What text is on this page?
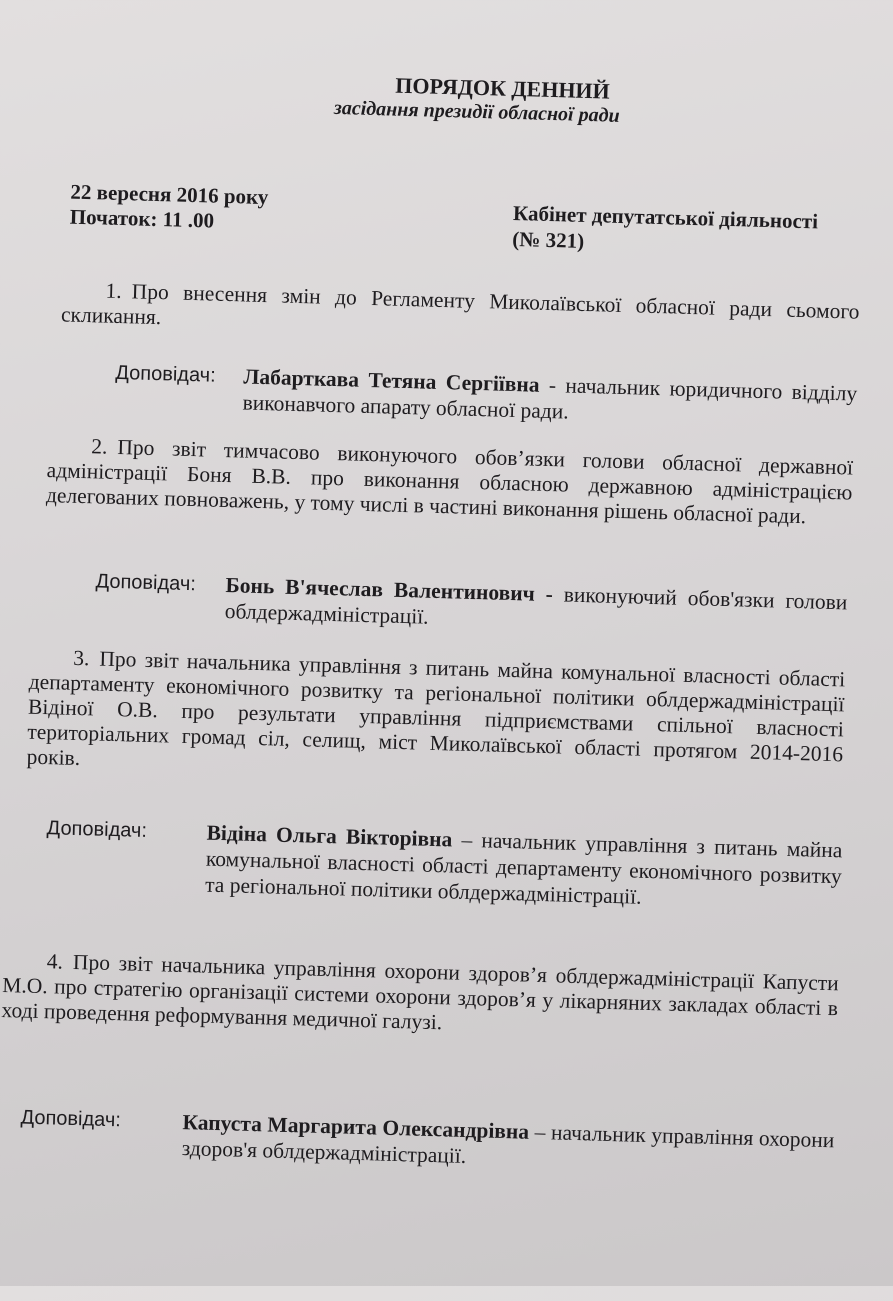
ПОРЯДОК ДЕННИЙ
засідання президії обласної ради
22 вересня 2016 року
Початок: 11 .00	Кабінет депутатської діяльності
(№ 321)
1. Про внесення змін до Регламенту Миколаївської обласної ради сьомого скликання.
Доповідач:	Лабарткава Тетяна Сергіївна - начальник юридичного відділу виконавчого апарату обласної ради.
2. Про звіт тимчасово виконуючого обов’язки голови обласної державної адміністрації Боня В.В. про виконання обласною державною адміністрацією делегованих повноважень, у тому числі в частині виконання рішень обласної ради.
Доповідач:	Бонь В'ячеслав Валентинович - виконуючий обов'язки голови облдержадміністрації.
3. Про звіт начальника управління з питань майна комунальної власності області департаменту економічного розвитку та регіональної політики облдержадміністрації Відіної О.В. про результати управління підприємствами спільної власності територіальних громад сіл, селищ, міст Миколаївської області протягом 2014-2016 років.
Доповідач:	Відіна Ольга Вікторівна – начальник управління з питань майна комунальної власності області департаменту економічного розвитку та регіональної політики облдержадміністрації.
4. Про звіт начальника управління охорони здоров’я облдержадміністрації Капусти М.О. про стратегію організації системи охорони здоров’я у лікарняних закладах області в ході проведення реформування медичної галузі.
Доповідач:	Капуста Маргарита Олександрівна – начальник управління охорони здоров'я облдержадміністрації.
